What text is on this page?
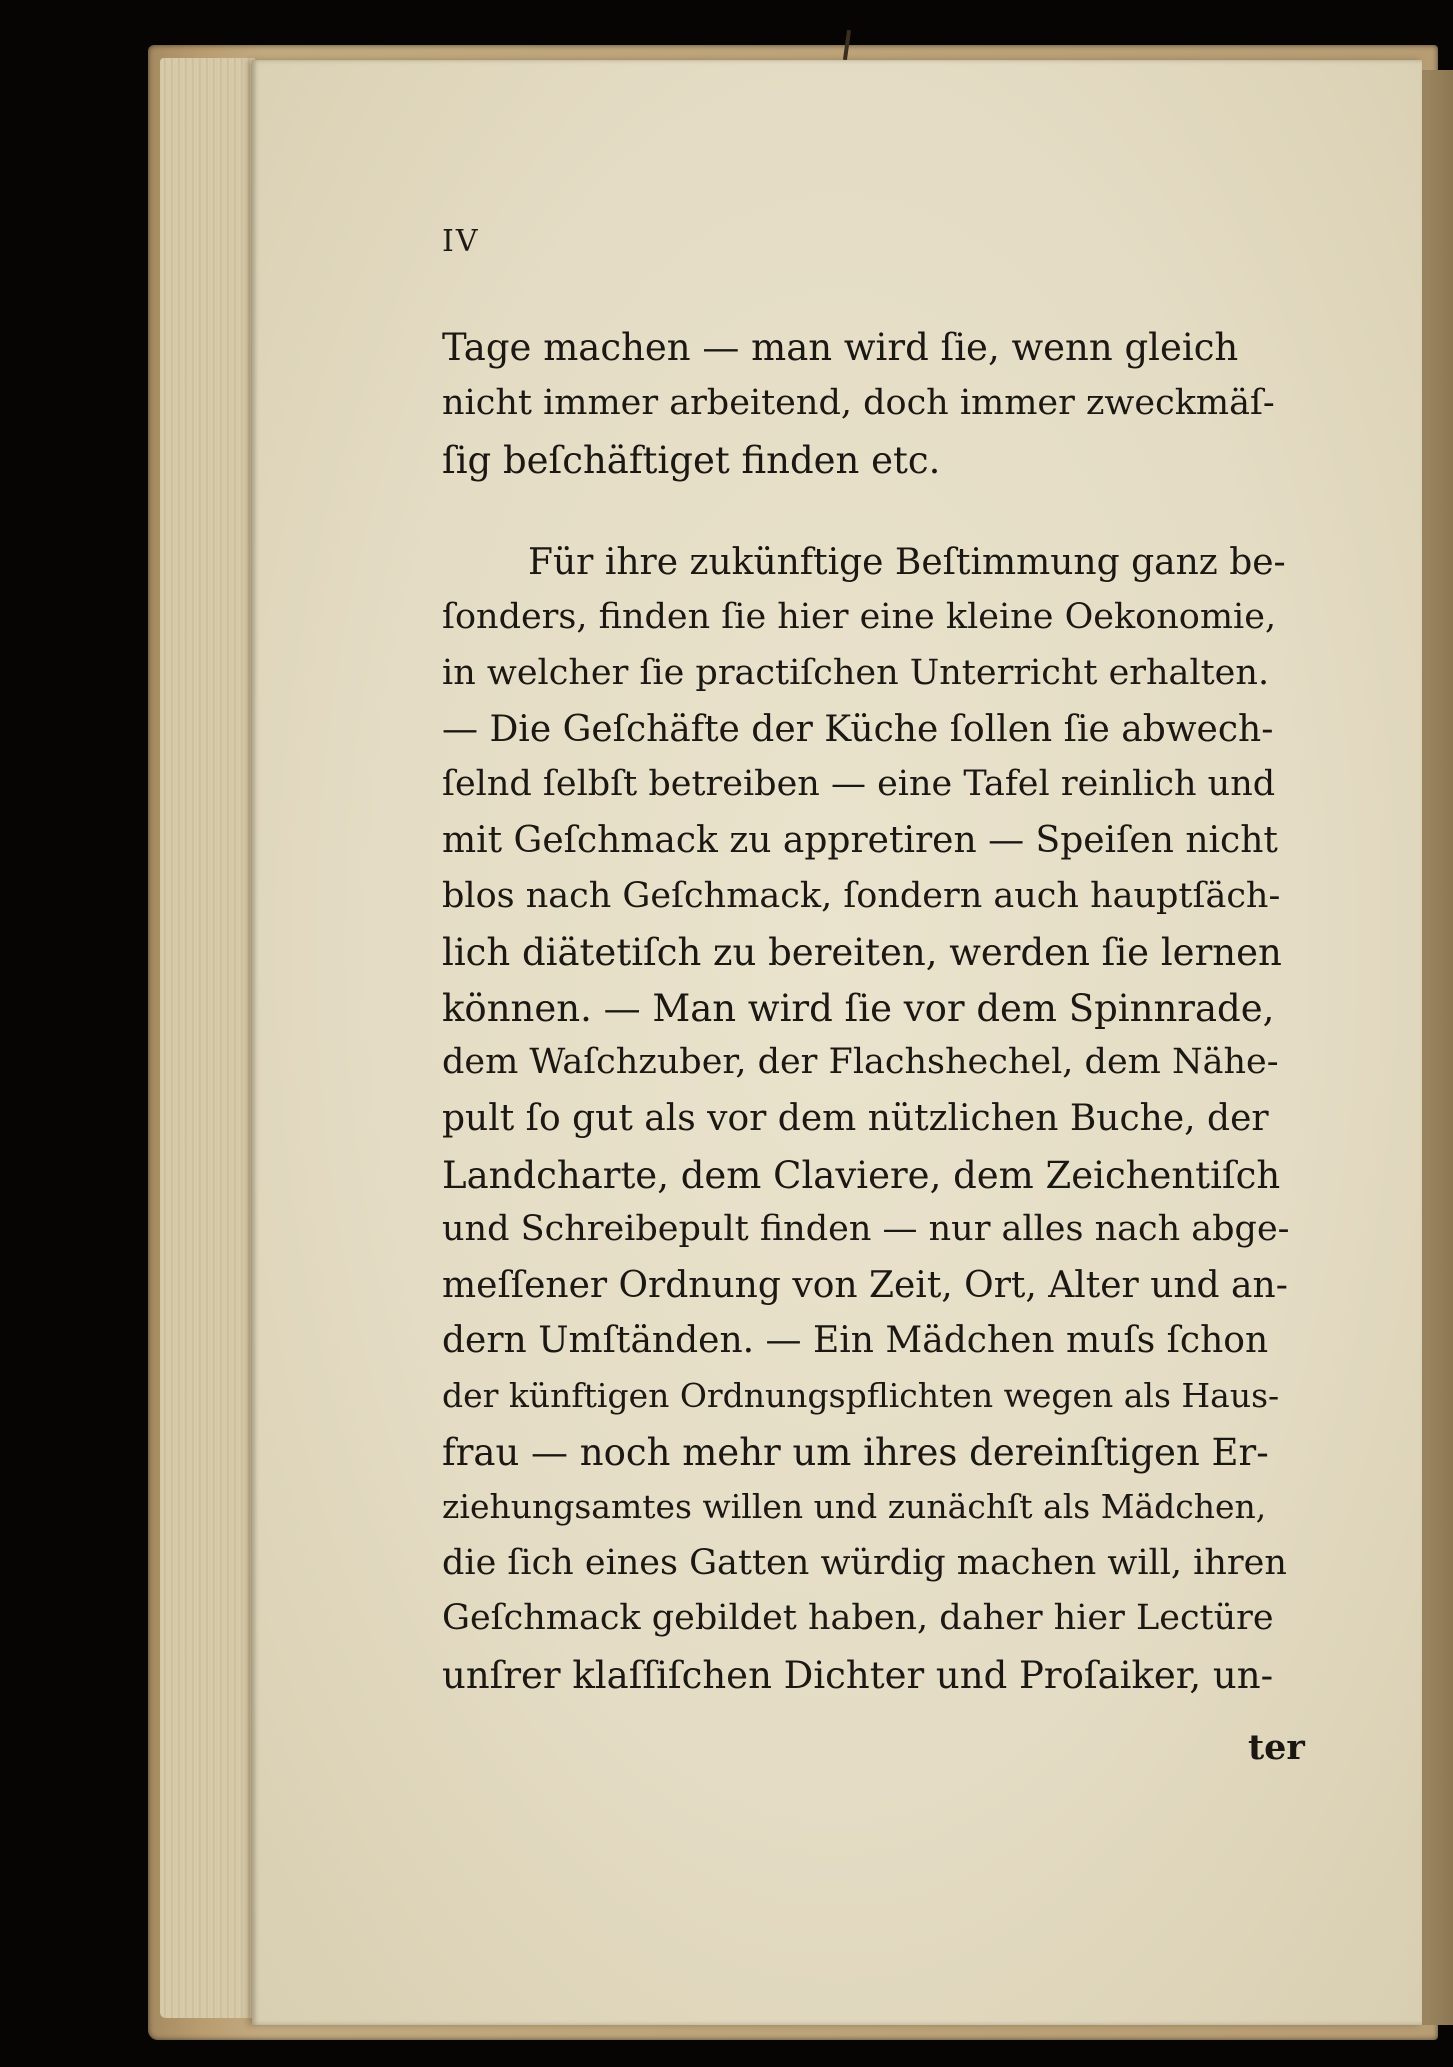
IV
Tage machen — man wird ſie, wenn gleich
nicht immer arbeitend, doch immer zweckmäſ-
ſig beſchäftiget finden etc.
Für ihre zukünftige Beſtimmung ganz be-
ſonders, finden ſie hier eine kleine Oekonomie,
in welcher ſie practiſchen Unterricht erhalten.
— Die Geſchäfte der Küche ſollen ſie abwech-
ſelnd ſelbſt betreiben — eine Tafel reinlich und
mit Geſchmack zu appretiren — Speiſen nicht
blos nach Geſchmack, ſondern auch hauptſäch-
lich diätetiſch zu bereiten, werden ſie lernen
können. — Man wird ſie vor dem Spinnrade,
dem Waſchzuber, der Flachshechel, dem Nähe-
pult ſo gut als vor dem nützlichen Buche, der
Landcharte, dem Claviere, dem Zeichentiſch
und Schreibepult finden — nur alles nach abge-
meſſener Ordnung von Zeit, Ort, Alter und an-
dern Umſtänden. — Ein Mädchen muſs ſchon
der künftigen Ordnungspflichten wegen als Haus-
frau — noch mehr um ihres dereinſtigen Er-
ziehungsamtes willen und zunächſt als Mädchen,
die ſich eines Gatten würdig machen will, ihren
Geſchmack gebildet haben, daher hier Lectüre
unſrer klaſſiſchen Dichter und Proſaiker, un-
ter
